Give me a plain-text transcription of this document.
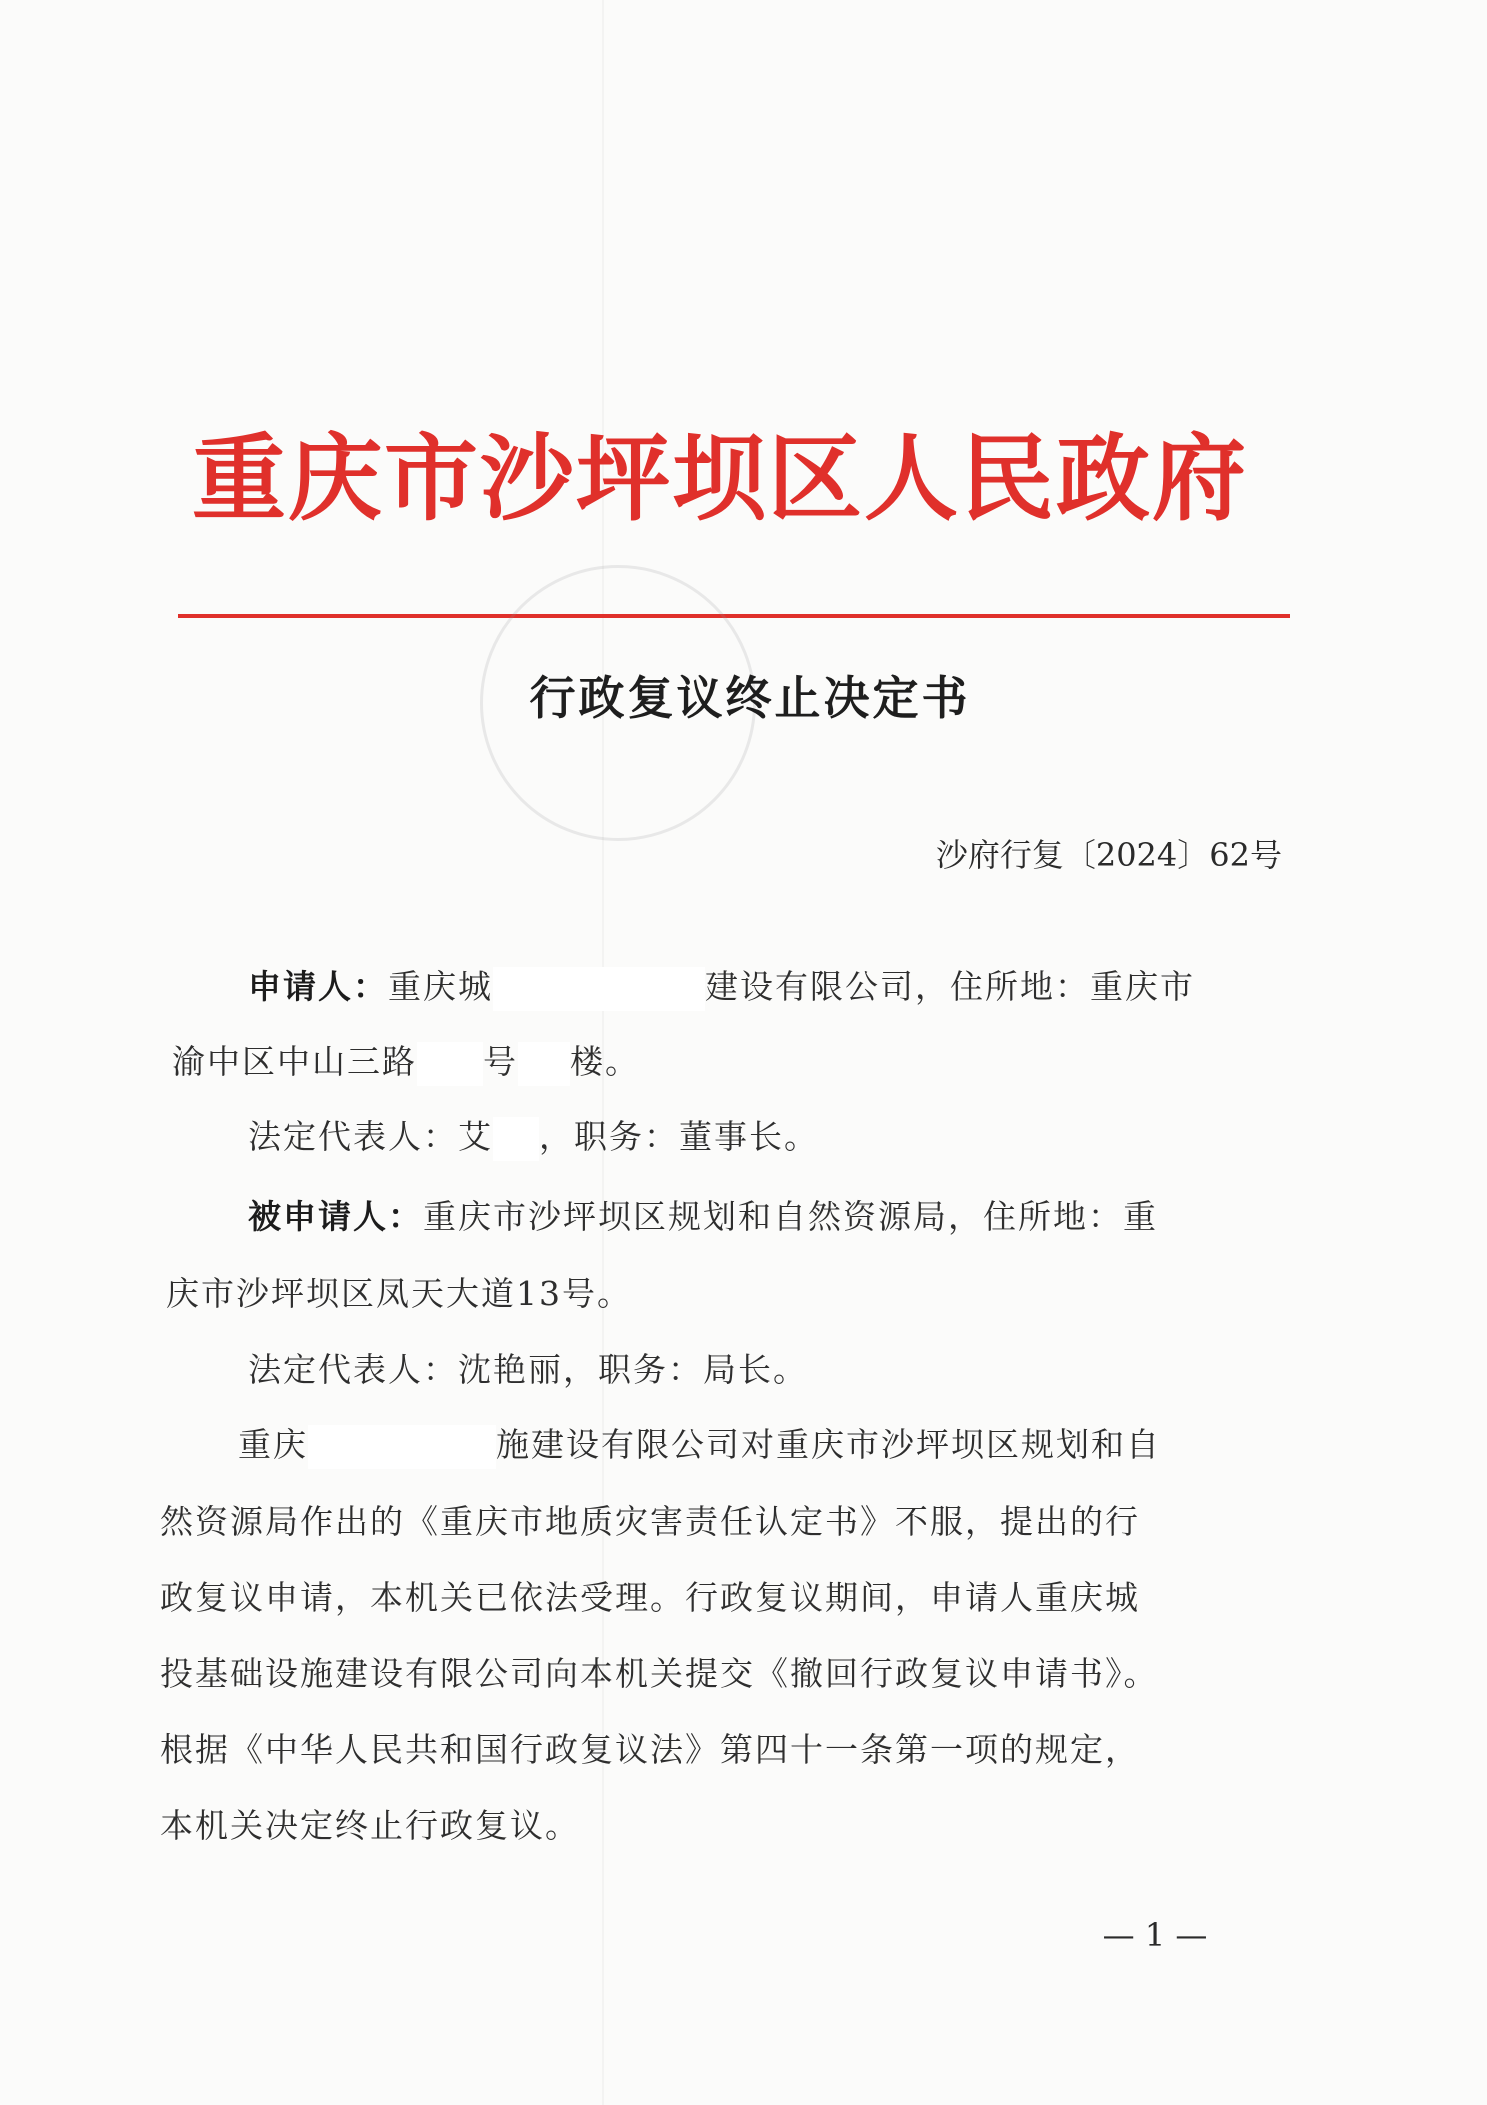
重庆市沙坪坝区人民政府
行政复议终止决定书
沙府行复〔2024〕62号
申请人：重庆城	建设有限公司，住所地：重庆市
渝中区中山三路 号 楼。
法定代表人：艾 ，职务：董事长。
被申请人：重庆市沙坪坝区规划和自然资源局，住所地：重
庆市沙坪坝区凤天大道13号。
法定代表人：沈艳丽，职务：局长。
重庆	施建设有限公司对重庆市沙坪坝区规划和自
然资源局作出的《重庆市地质灾害责任认定书》不服，提出的行
政复议申请，本机关已依法受理。行政复议期间，申请人重庆城
投基础设施建设有限公司向本机关提交《撤回行政复议申请书》。
根据《中华人民共和国行政复议法》第四十一条第一项的规定，
本机关决定终止行政复议。
— 1 —
